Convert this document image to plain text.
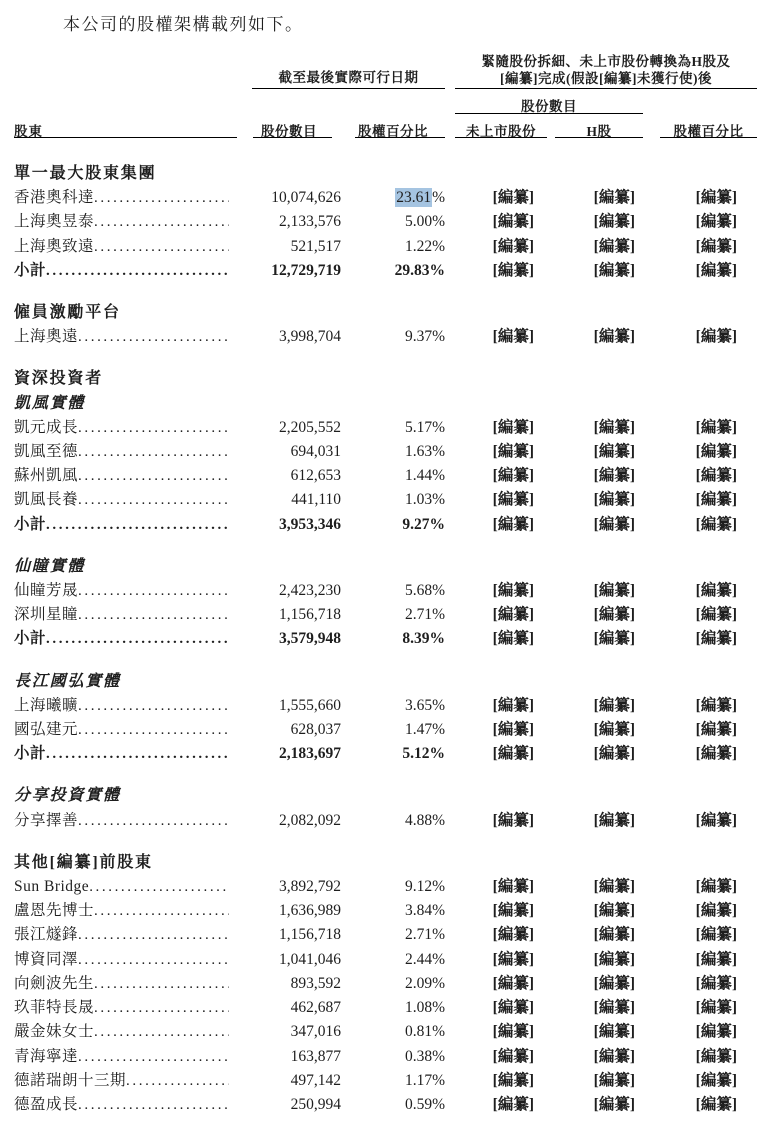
本公司的股權架構載列如下。
截至最後實際可行日期
緊隨股份拆細、未上市股份轉換為H股及
[編纂]完成(假設[編纂]未獲行使)後
股份數目
股東	股份數目	股權百分比	未上市股份	H股	股權百分比
單一最大股東集團
香港奧科達 .....	10,074,626	23.61%	[編纂]	[編纂]	[編纂]
上海奧昱泰 .....	2,133,576	5.00%	[編纂]	[編纂]	[編纂]
上海奧致遠 .....	521,517	1.22%	[編纂]	[編纂]	[編纂]
小計 .....	12,729,719	29.83%	[編纂]	[編纂]	[編纂]
僱員激勵平台
上海奧遠 .....	3,998,704	9.37%	[編纂]	[編纂]	[編纂]
資深投資者
凱風實體
凱元成長 .....	2,205,552	5.17%	[編纂]	[編纂]	[編纂]
凱風至德 .....	694,031	1.63%	[編纂]	[編纂]	[編纂]
蘇州凱風 .....	612,653	1.44%	[編纂]	[編纂]	[編纂]
凱風長養 .....	441,110	1.03%	[編纂]	[編纂]	[編纂]
小計 .....	3,953,346	9.27%	[編纂]	[編纂]	[編纂]
仙瞳實體
仙瞳芳晟 .....	2,423,230	5.68%	[編纂]	[編纂]	[編纂]
深圳星瞳 .....	1,156,718	2.71%	[編纂]	[編纂]	[編纂]
小計 .....	3,579,948	8.39%	[編纂]	[編纂]	[編纂]
長江國弘實體
上海曦曠 .....	1,555,660	3.65%	[編纂]	[編纂]	[編纂]
國弘建元 .....	628,037	1.47%	[編纂]	[編纂]	[編纂]
小計 .....	2,183,697	5.12%	[編纂]	[編纂]	[編纂]
分享投資實體
分享擇善 .....	2,082,092	4.88%	[編纂]	[編纂]	[編纂]
其他[編纂]前股東
Sun Bridge .....	3,892,792	9.12%	[編纂]	[編纂]	[編纂]
盧恩先博士 .....	1,636,989	3.84%	[編纂]	[編纂]	[編纂]
張江燧鋒 .....	1,156,718	2.71%	[編纂]	[編纂]	[編纂]
博資同澤 .....	1,041,046	2.44%	[編纂]	[編纂]	[編纂]
向劍波先生 .....	893,592	2.09%	[編纂]	[編纂]	[編纂]
玖菲特長晟 .....	462,687	1.08%	[編纂]	[編纂]	[編纂]
嚴金妹女士 .....	347,016	0.81%	[編纂]	[編纂]	[編纂]
青海寧達 .....	163,877	0.38%	[編纂]	[編纂]	[編纂]
德諾瑞朗十三期 .....	497,142	1.17%	[編纂]	[編纂]	[編纂]
德盈成長 .....	250,994	0.59%	[編纂]	[編纂]	[編纂]
